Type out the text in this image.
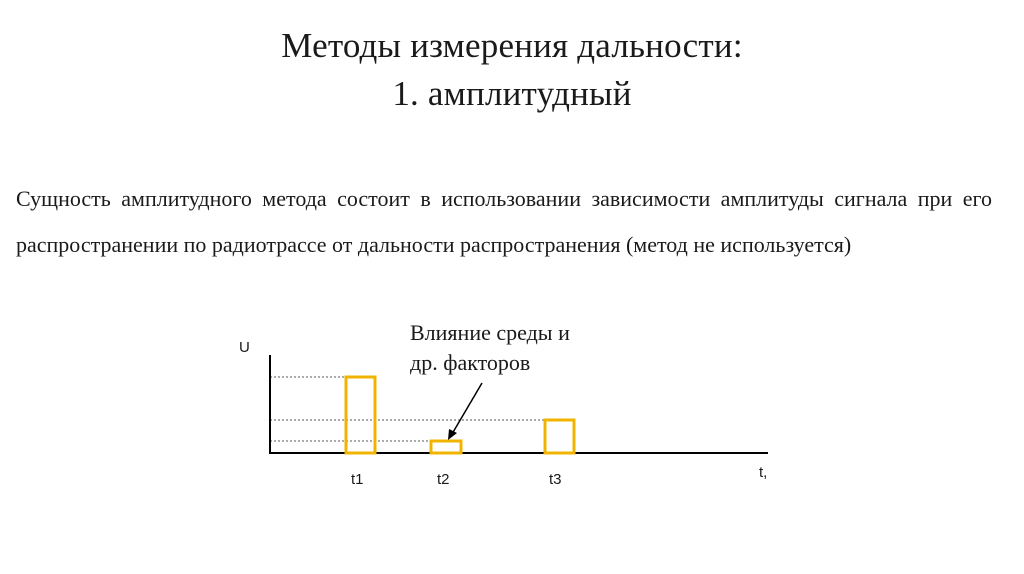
Методы измерения дальности:
1. амплитудный
Сущность амплитудного метода состоит в использовании зависимости амплитуды сигнала при его распространении по радиотрассе от дальности распространения (метод не используется)
Влияние среды и
др. факторов
U
t,
t1	t2	t3
